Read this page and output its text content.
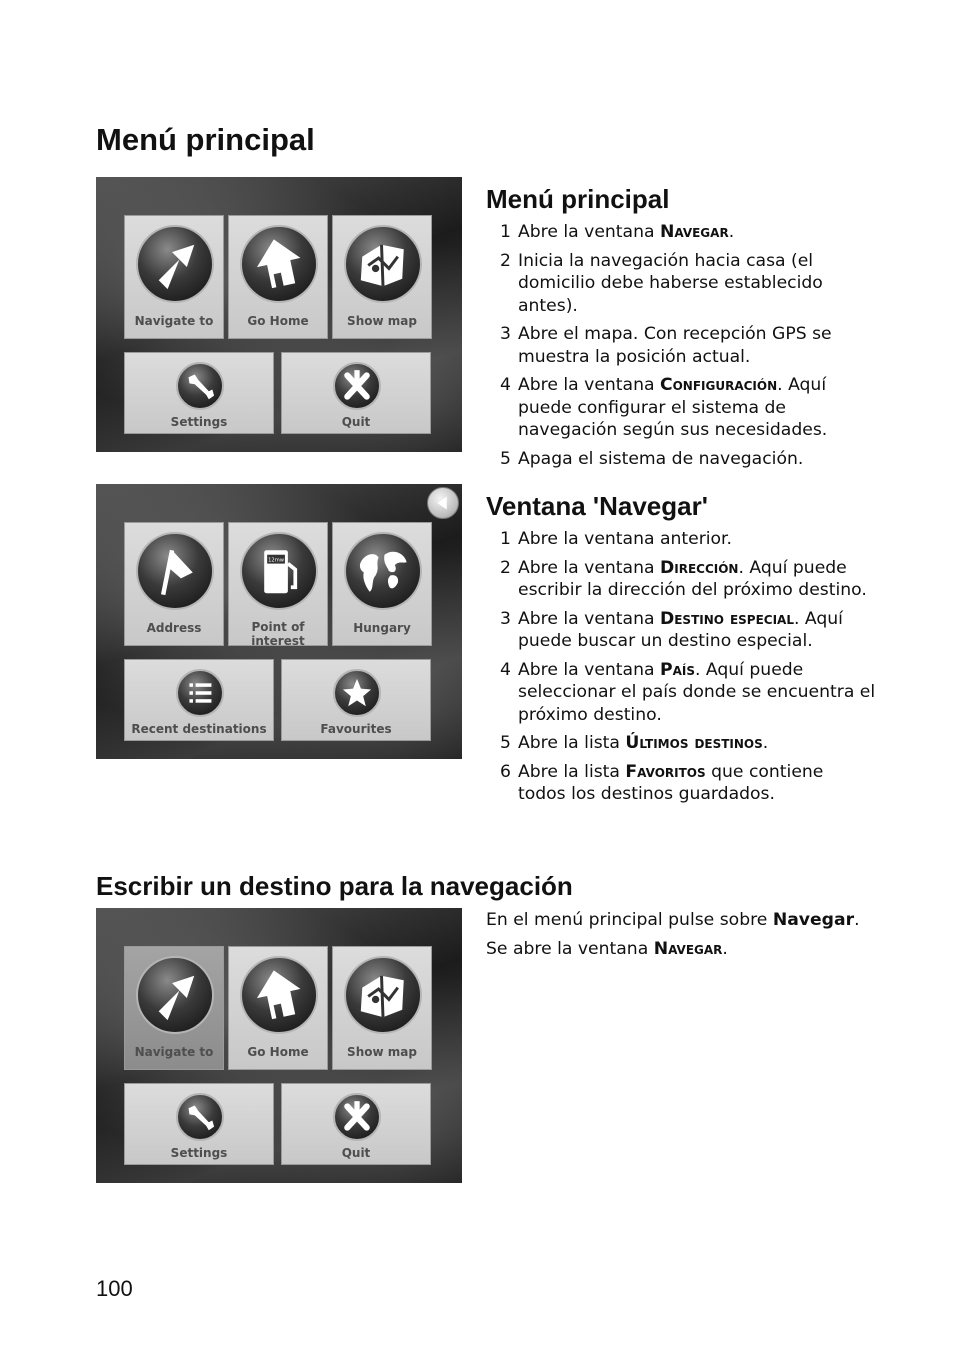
Menú principal
Navigate to	Go Home	Show map
Settings	Quit
Menú principal
1 Abre la ventana Navegar.
2 Inicia la navegación hacia casa (el domicilio debe haberse establecido antes).
3 Abre el mapa. Con recepción GPS se muestra la posición actual.
4 Abre la ventana Configuración. Aquí puede configurar el sistema de navegación según sus necesidades.
5 Apaga el sistema de navegación.
Address
12mw
Point of
interest
Hungary
Recent destinations	Favourites
Ventana 'Navegar'
1 Abre la ventana anterior.
2 Abre la ventana Dirección. Aquí puede escribir la dirección del próximo destino.
3 Abre la ventana Destino especial. Aquí puede buscar un destino especial.
4 Abre la ventana País. Aquí puede seleccionar el país donde se encuentra el próximo destino.
5 Abre la lista Últimos destinos.
6 Abre la lista Favoritos que contiene todos los destinos guardados.
Escribir un destino para la navegación
Navigate to	Go Home	Show map
Settings	Quit

En el menú principal pulse sobre Navegar.

Se abre la ventana Navegar.

100
